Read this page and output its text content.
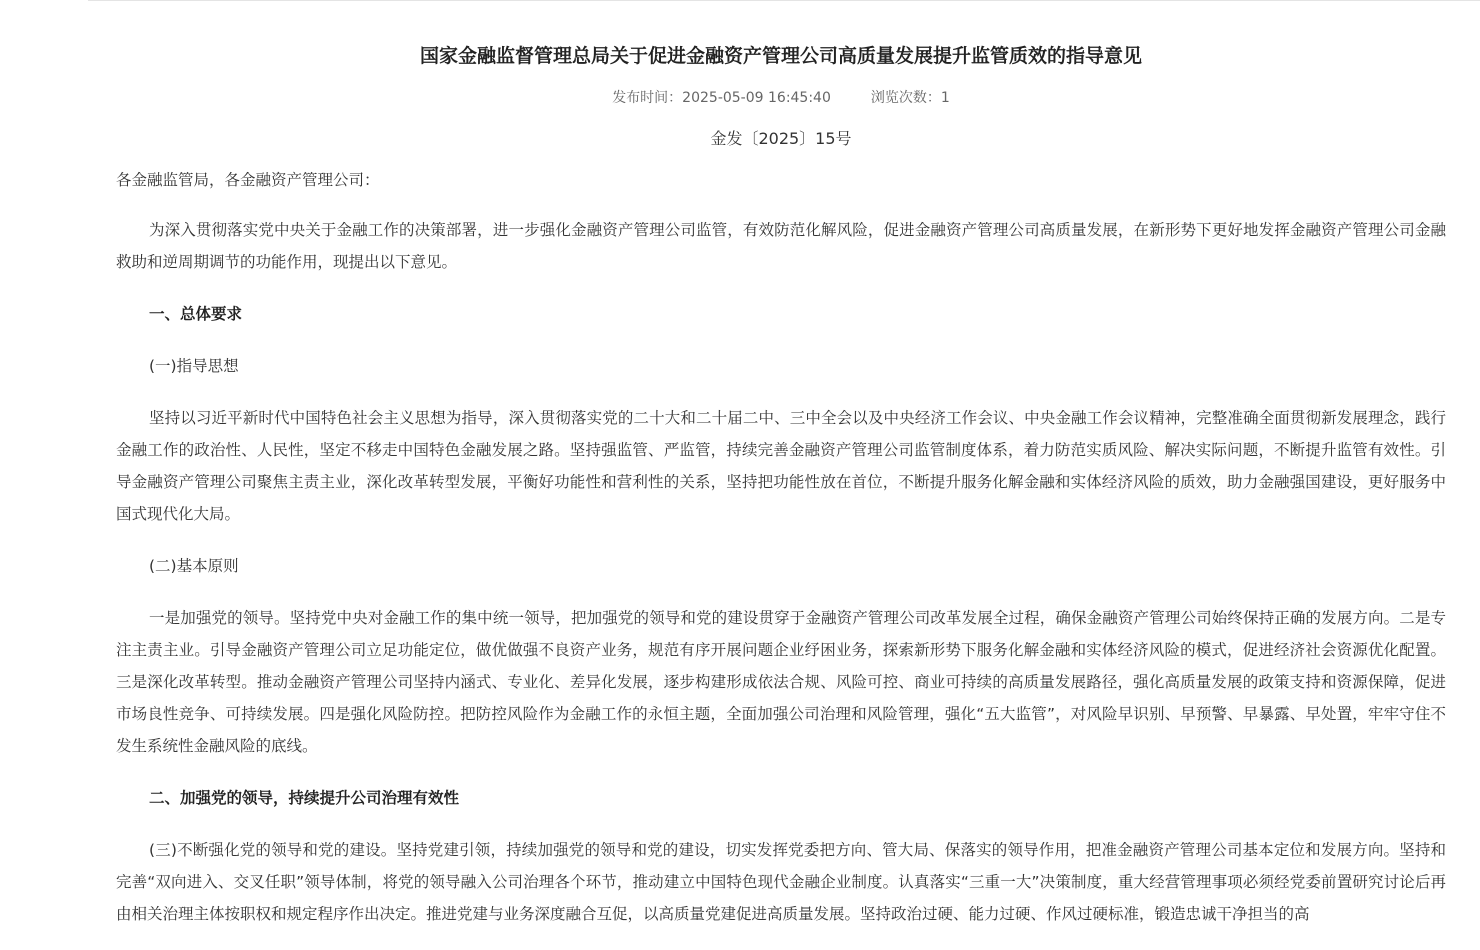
国家金融监督管理总局关于促进金融资产管理公司高质量发展提升监管质效的指导意见
发布时间：2025-05-09 16:45:40	浏览次数：1
金发〔2025〕15号

各金融监管局，各金融资产管理公司：

为深入贯彻落实党中央关于金融工作的决策部署，进一步强化金融资产管理公司监管，有效防范化解风险，促进金融资产管理公司高质量发展，在新形势下更好地发挥金融资产管理公司金融救助和逆周期调节的功能作用，现提出以下意见。

一、总体要求

(一)指导思想

坚持以习近平新时代中国特色社会主义思想为指导，深入贯彻落实党的二十大和二十届二中、三中全会以及中央经济工作会议、中央金融工作会议精神，完整准确全面贯彻新发展理念，践行金融工作的政治性、人民性，坚定不移走中国特色金融发展之路。坚持强监管、严监管，持续完善金融资产管理公司监管制度体系，着力防范实质风险、解决实际问题，不断提升监管有效性。引导金融资产管理公司聚焦主责主业，深化改革转型发展，平衡好功能性和营利性的关系，坚持把功能性放在首位，不断提升服务化解金融和实体经济风险的质效，助力金融强国建设，更好服务中国式现代化大局。

(二)基本原则

一是加强党的领导。坚持党中央对金融工作的集中统一领导，把加强党的领导和党的建设贯穿于金融资产管理公司改革发展全过程，确保金融资产管理公司始终保持正确的发展方向。二是专注主责主业。引导金融资产管理公司立足功能定位，做优做强不良资产业务，规范有序开展问题企业纾困业务，探索新形势下服务化解金融和实体经济风险的模式，促进经济社会资源优化配置。三是深化改革转型。推动金融资产管理公司坚持内涵式、专业化、差异化发展，逐步构建形成依法合规、风险可控、商业可持续的高质量发展路径，强化高质量发展的政策支持和资源保障，促进市场良性竞争、可持续发展。四是强化风险防控。把防控风险作为金融工作的永恒主题，全面加强公司治理和风险管理，强化“五大监管”，对风险早识别、早预警、早暴露、早处置，牢牢守住不发生系统性金融风险的底线。

二、加强党的领导，持续提升公司治理有效性

(三)不断强化党的领导和党的建设。坚持党建引领，持续加强党的领导和党的建设，切实发挥党委把方向、管大局、保落实的领导作用，把准金融资产管理公司基本定位和发展方向。坚持和完善“双向进入、交叉任职”领导体制，将党的领导融入公司治理各个环节，推动建立中国特色现代金融企业制度。认真落实“三重一大”决策制度，重大经营管理事项必须经党委前置研究讨论后再由相关治理主体按职权和规定程序作出决定。推进党建与业务深度融合互促，以高质量党建促进高质量发展。坚持政治过硬、能力过硬、作风过硬标准，锻造忠诚干净担当的高
